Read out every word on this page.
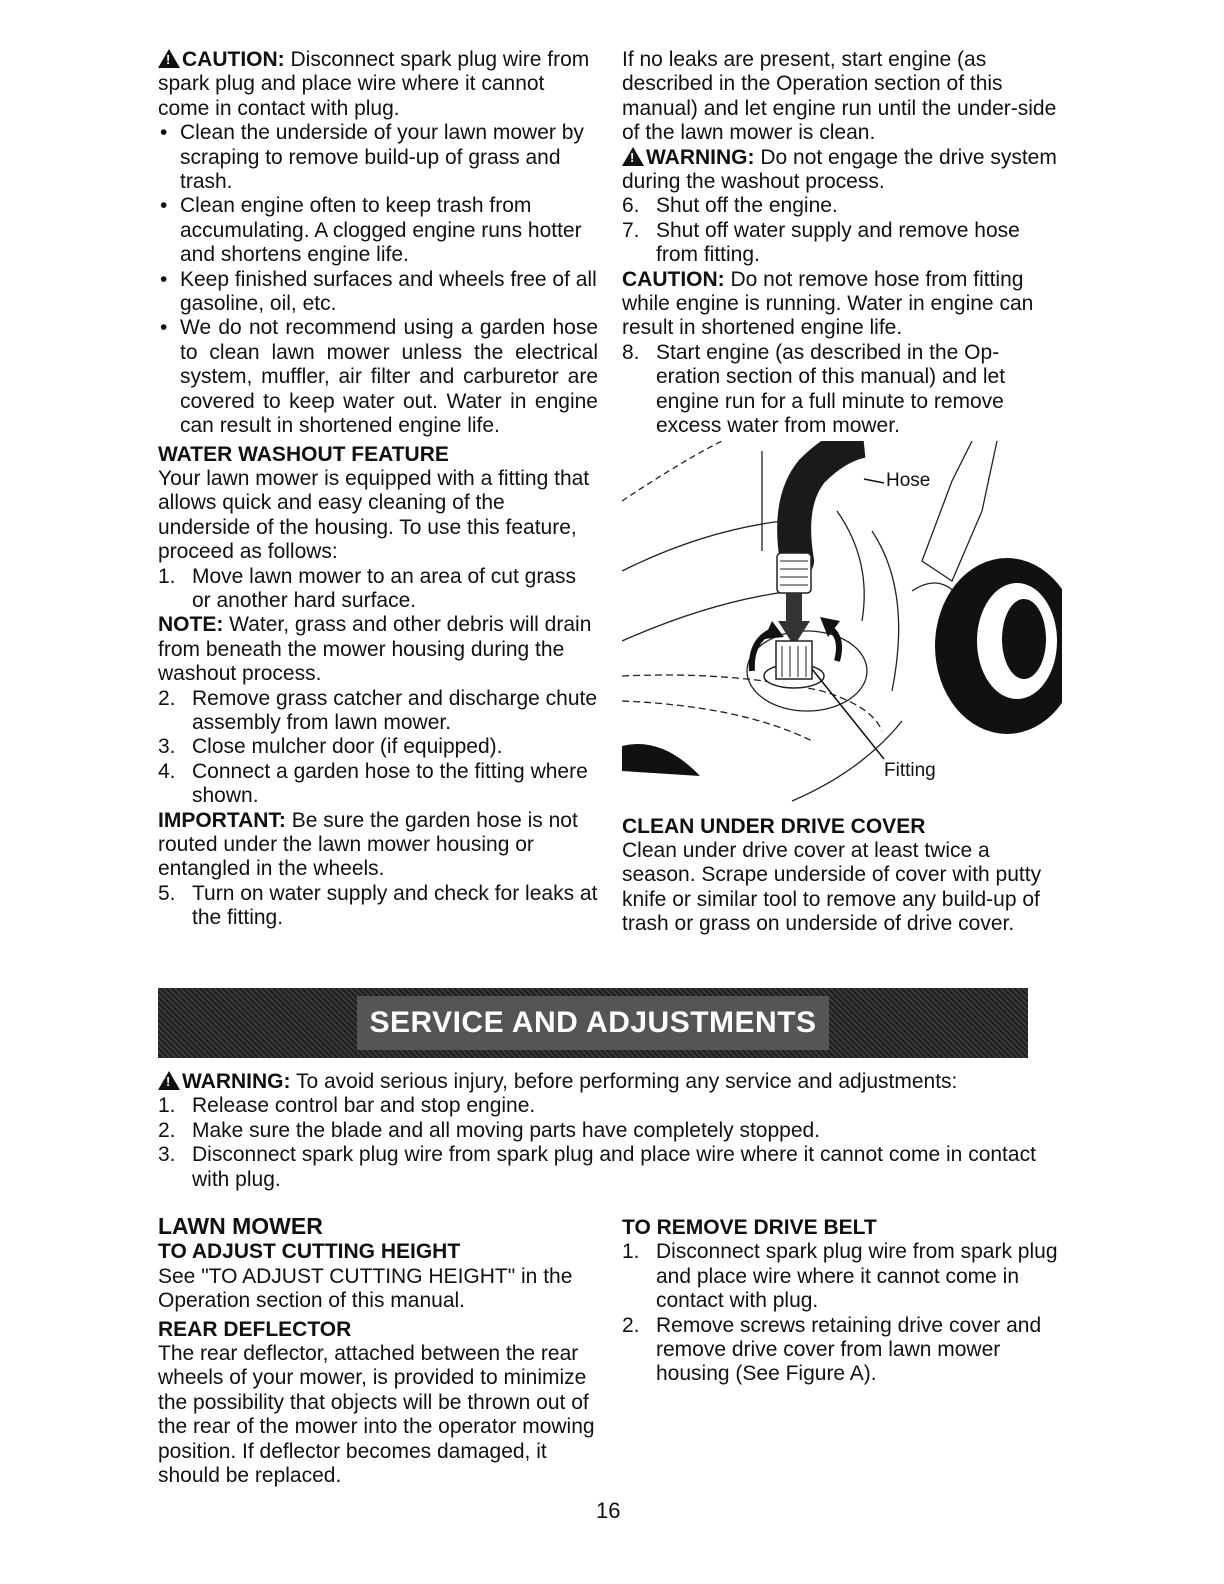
!CAUTION: Disconnect spark plug wire from spark plug and place wire where it cannot come in contact with plug.

• Clean the underside of your lawn mower by scraping to remove build-up of grass and trash.
• Clean engine often to keep trash from accumulating. A clogged engine runs hotter and shortens engine life.
• Keep finished surfaces and wheels free of all gasoline, oil, etc.
• We do not recommend using a garden hose to clean lawn mower unless the electrical system, muffler, air filter and carburetor are covered to keep water out. Water in engine can result in shortened engine life.

WATER WASHOUT FEATURE

Your lawn mower is equipped with a fitting that allows quick and easy cleaning of the underside of the housing. To use this feature, proceed as follows:

1. Move lawn mower to an area of cut grass or another hard surface.

NOTE: Water, grass and other debris will drain from beneath the mower housing during the washout process.

2. Remove grass catcher and discharge chute assembly from lawn mower.
3. Close mulcher door (if equipped).
4. Connect a garden hose to the fitting where shown.

IMPORTANT: Be sure the garden hose is not routed under the lawn mower housing or entangled in the wheels.

5. Turn on water supply and check for leaks at the fitting.

If no leaks are present, start engine (as described in the Operation section of this manual) and let engine run until the under-side of the lawn mower is clean.

!WARNING: Do not engage the drive system during the washout process.

6. Shut off the engine.
7. Shut off water supply and remove hose from fitting.

CAUTION: Do not remove hose from fitting while engine is running. Water in engine can result in shortened engine life.

8. Start engine (as described in the Op-eration section of this manual) and let engine run for a full minute to remove excess water from mower.
Hose
Fitting

CLEAN UNDER DRIVE COVER

Clean under drive cover at least twice a season. Scrape underside of cover with putty knife or similar tool to remove any build-up of trash or grass on underside of drive cover.

SERVICE AND ADJUSTMENTS

!WARNING: To avoid serious injury, before performing any service and adjustments:

1. Release control bar and stop engine.
2. Make sure the blade and all moving parts have completely stopped.
3. Disconnect spark plug wire from spark plug and place wire where it cannot come in contact with plug.

LAWN MOWER

TO ADJUST CUTTING HEIGHT

See "TO ADJUST CUTTING HEIGHT" in the Operation section of this manual.

REAR DEFLECTOR

The rear deflector, attached between the rear wheels of your mower, is provided to minimize the possibility that objects will be thrown out of the rear of the mower into the operator mowing position. If deflector becomes damaged, it should be replaced.

TO REMOVE DRIVE BELT

1. Disconnect spark plug wire from spark plug and place wire where it cannot come in contact with plug.
2. Remove screws retaining drive cover and remove drive cover from lawn mower housing (See Figure A).
16
